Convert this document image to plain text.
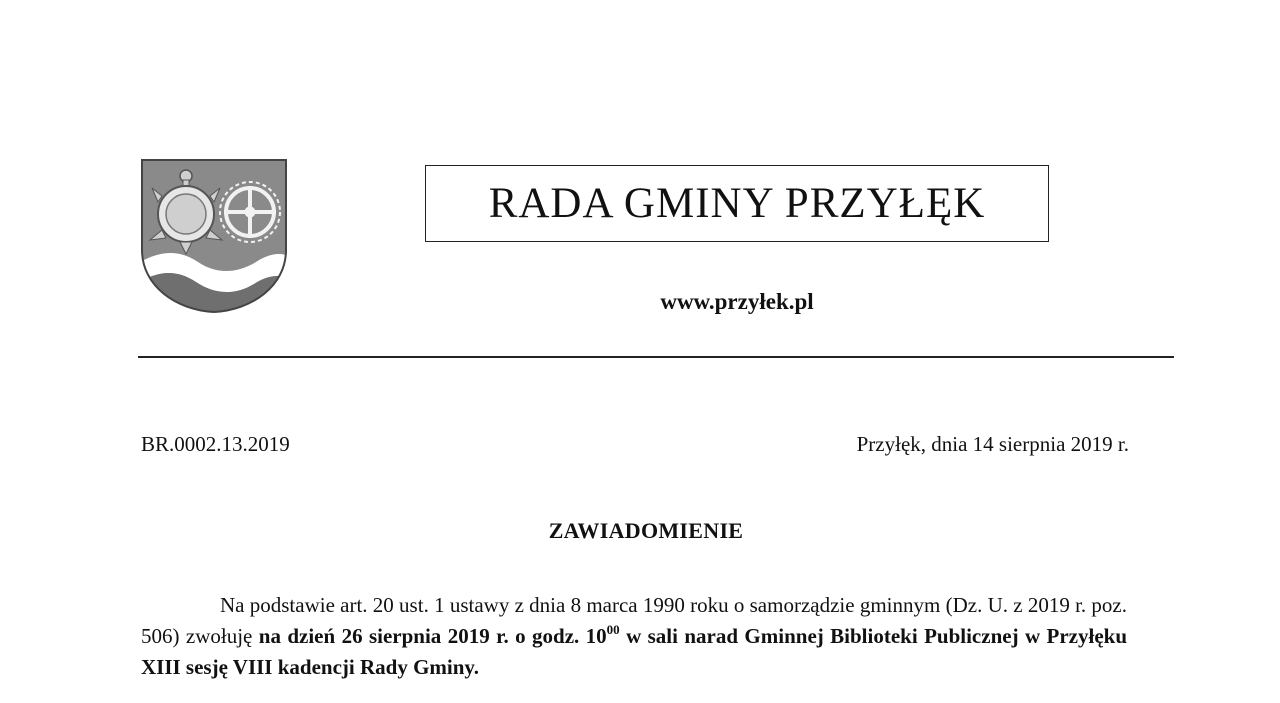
RADA GMINY PRZYŁĘK
www.przyłek.pl
BR.0002.13.2019	Przyłęk, dnia 14 sierpnia 2019 r.
ZAWIADOMIENIE
Na podstawie art. 20 ust. 1 ustawy z dnia 8 marca 1990 roku o samorządzie gminnym (Dz. U. z 2019 r. poz. 506) zwołuję na dzień 26 sierpnia 2019 r. o godz. $10^{00}$ w sali narad Gminnej Biblioteki Publicznej w Przyłęku XIII sesję VIII kadencji Rady Gminy.
